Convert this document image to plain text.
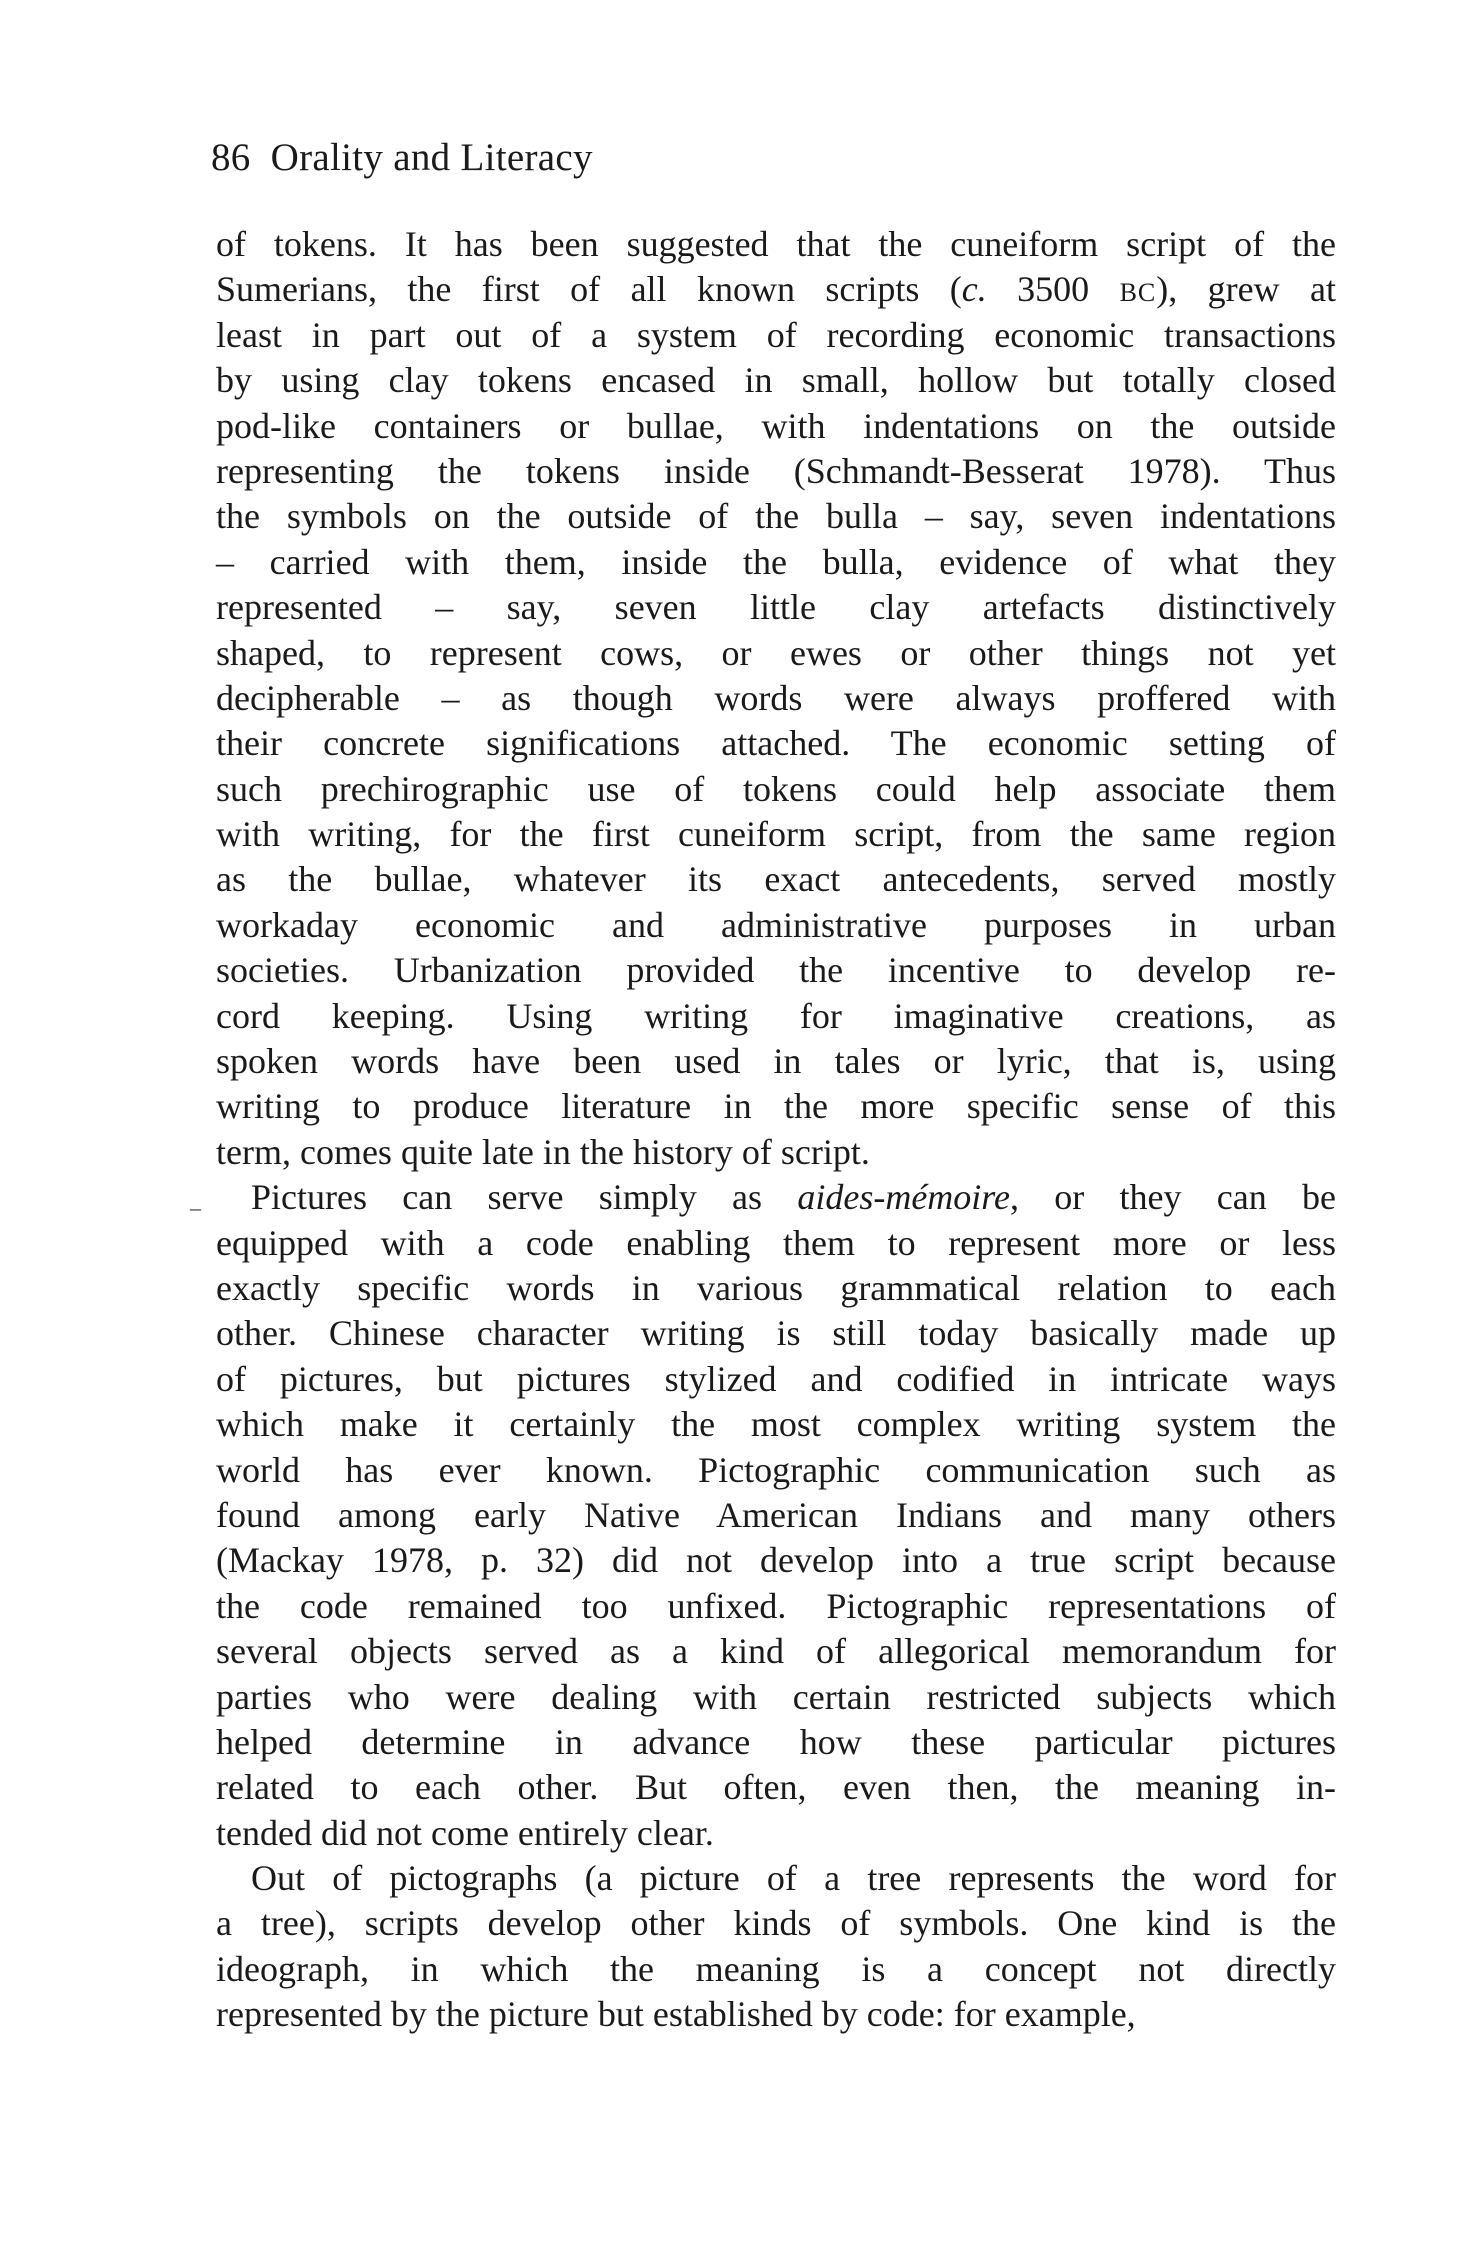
86 Orality and Literacy
–
of tokens. It has been suggested that the cuneiform script of the
Sumerians, the first of all known scripts (c. 3500 BC), grew at
least in part out of a system of recording economic transactions
by using clay tokens encased in small, hollow but totally closed
pod-like containers or bullae, with indentations on the outside
representing the tokens inside (Schmandt-Besserat 1978). Thus
the symbols on the outside of the bulla – say, seven indentations
– carried with them, inside the bulla, evidence of what they
represented – say, seven little clay artefacts distinctively
shaped, to represent cows, or ewes or other things not yet
decipherable – as though words were always proffered with
their concrete significations attached. The economic setting of
such prechirographic use of tokens could help associate them
with writing, for the first cuneiform script, from the same region
as the bullae, whatever its exact antecedents, served mostly
workaday economic and administrative purposes in urban
societies. Urbanization provided the incentive to develop re-
cord keeping. Using writing for imaginative creations, as
spoken words have been used in tales or lyric, that is, using
writing to produce literature in the more specific sense of this
term, comes quite late in the history of script.
Pictures can serve simply as aides-mémoire, or they can be
equipped with a code enabling them to represent more or less
exactly specific words in various grammatical relation to each
other. Chinese character writing is still today basically made up
of pictures, but pictures stylized and codified in intricate ways
which make it certainly the most complex writing system the
world has ever known. Pictographic communication such as
found among early Native American Indians and many others
(Mackay 1978, p. 32) did not develop into a true script because
the code remained too unfixed. Pictographic representations of
several objects served as a kind of allegorical memorandum for
parties who were dealing with certain restricted subjects which
helped determine in advance how these particular pictures
related to each other. But often, even then, the meaning in-
tended did not come entirely clear.
Out of pictographs (a picture of a tree represents the word for
a tree), scripts develop other kinds of symbols. One kind is the
ideograph, in which the meaning is a concept not directly
represented by the picture but established by code: for example,
